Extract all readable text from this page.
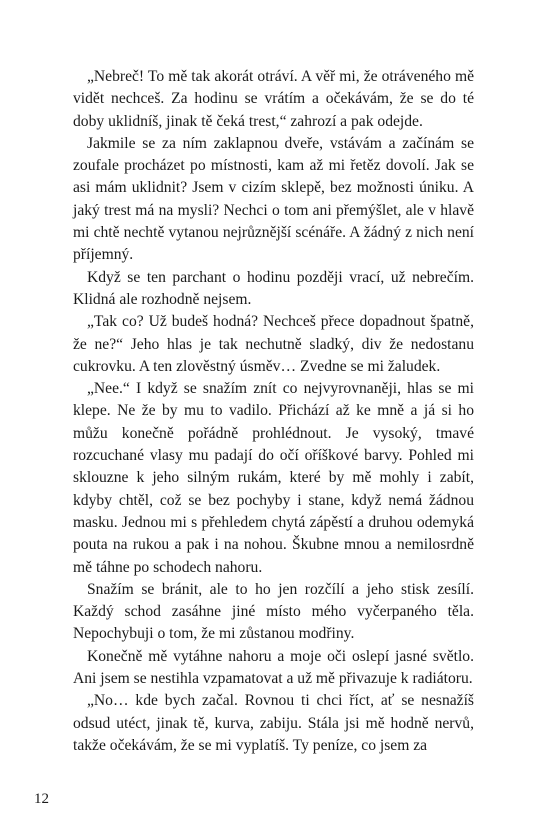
„Nebreč! To mě tak akorát otráví. A věř mi, že otráveného mě vidět nechceš. Za hodinu se vrátím a očekávám, že se do té doby uklidníš, jinak tě čeká trest,“ zahrozí a pak odejde.

Jakmile se za ním zaklapnou dveře, vstávám a začínám se zoufale procházet po místnosti, kam až mi řetěz dovolí. Jak se asi mám uklidnit? Jsem v cizím sklepě, bez možnosti úniku. A jaký trest má na mysli? Nechci o tom ani přemýšlet, ale v hlavě mi chtě nechtě vytanou nejrůznější scénáře. A žádný z nich není příjemný.

Když se ten parchant o hodinu později vrací, už nebrečím. Klidná ale rozhodně nejsem.

„Tak co? Už budeš hodná? Nechceš přece dopadnout špatně, že ne?“ Jeho hlas je tak nechutně sladký, div že nedostanu cukrovku. A ten zlověstný úsměv… Zvedne se mi žaludek.

„Nee.“ I když se snažím znít co nejvyrovnaněji, hlas se mi klepe. Ne že by mu to vadilo. Přichází až ke mně a já si ho můžu konečně pořádně prohlédnout. Je vysoký, tmavé rozcuchané vlasy mu padají do očí oříškové barvy. Pohled mi sklouzne k jeho silným rukám, které by mě mohly i zabít, kdyby chtěl, což se bez pochyby i stane, když nemá žádnou masku. Jednou mi s přehledem chytá zápěstí a druhou odemyká pouta na rukou a pak i na nohou. Škubne mnou a nemilosrdně mě táhne po schodech nahoru.

Snažím se bránit, ale to ho jen rozčílí a jeho stisk zesílí. Každý schod zasáhne jiné místo mého vyčerpaného těla. Nepochybuji o tom, že mi zůstanou modřiny.

Konečně mě vytáhne nahoru a moje oči oslepí jasné světlo. Ani jsem se nestihla vzpamatovat a už mě přivazuje k radiátoru.

„No… kde bych začal. Rovnou ti chci říct, ať se nesnažíš odsud utéct, jinak tě, kurva, zabiju. Stála jsi mě hodně nervů, takže očekávám, že se mi vyplatíš. Ty peníze, co jsem za

12
